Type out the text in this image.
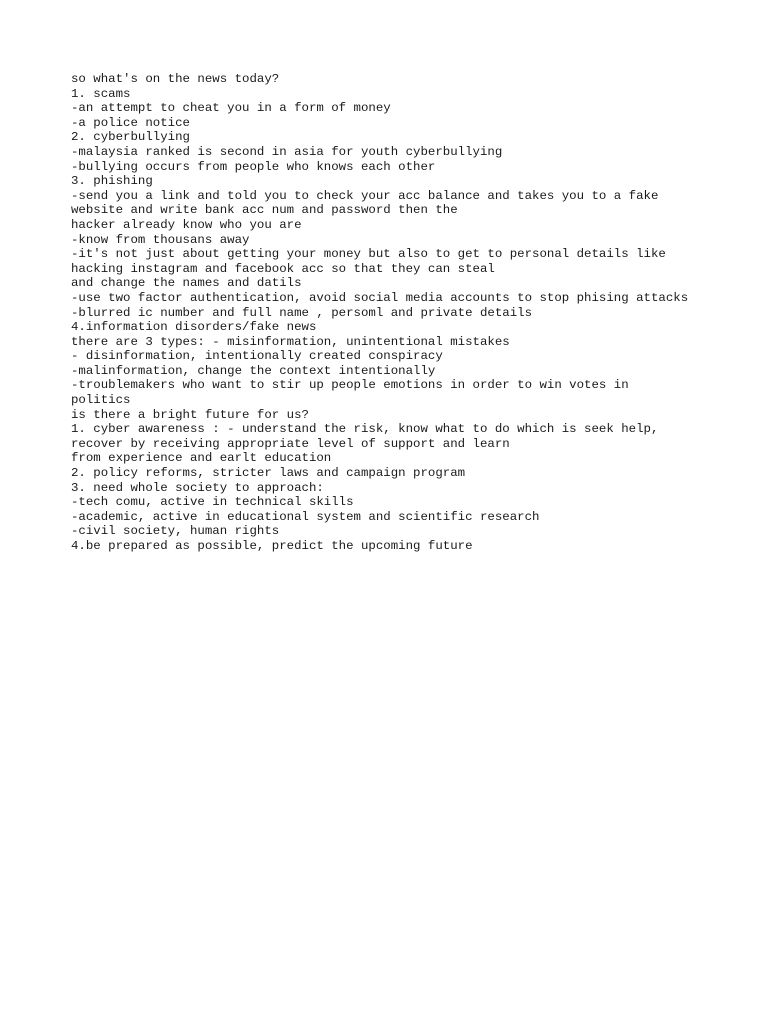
so what's on the news today?
1. scams
-an attempt to cheat you in a form of money
-a police notice
2. cyberbullying
-malaysia ranked is second in asia for youth cyberbullying
-bullying occurs from people who knows each other
3. phishing
-send you a link and told you to check your acc balance and takes you to a fake
website and write bank acc num and password then the
hacker already know who you are
-know from thousans away
-it's not just about getting your money but also to get to personal details like
hacking instagram and facebook acc so that they can steal
and change the names and datils
-use two factor authentication, avoid social media accounts to stop phising attacks
-blurred ic number and full name , persoml and private details
4.information disorders/fake news
there are 3 types: - misinformation, unintentional mistakes
- disinformation, intentionally created conspiracy
-malinformation, change the context intentionally
-troublemakers who want to stir up people emotions in order to win votes in
politics
is there a bright future for us?
1. cyber awareness : - understand the risk, know what to do which is seek help,
recover by receiving appropriate level of support and learn
from experience and earlt education
2. policy reforms, stricter laws and campaign program
3. need whole society to approach:
-tech comu, active in technical skills
-academic, active in educational system and scientific research
-civil society, human rights
4.be prepared as possible, predict the upcoming future
